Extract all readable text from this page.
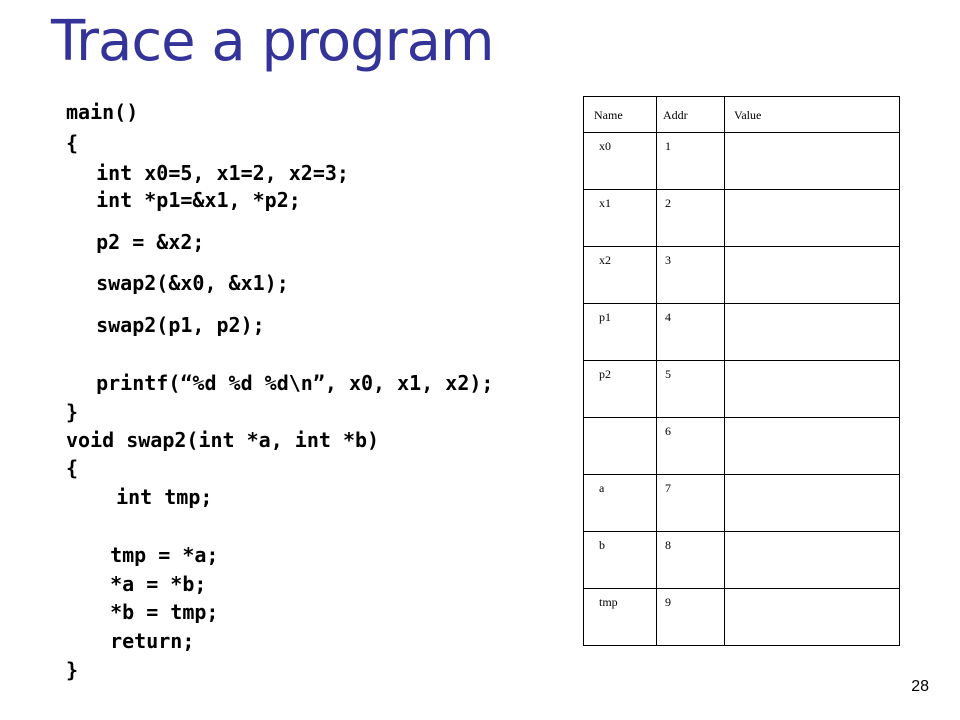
Trace a program
main()
{
int x0=5, x1=2, x2=3;
int *p1=&x1, *p2;
p2 = &x2;
swap2(&x0, &x1);
swap2(p1, p2);
printf(“%d %d %d\n”, x0, x1, x2);
}
void swap2(int *a, int *b)
{
int tmp;
tmp = *a;
*a = *b;
*b = tmp;
return;
}
Name	Addr	Value
x0	1	
x1	2	
x2	3	
p1	4	
p2	5	
	6	
a	7	
b	8	
tmp	9	
28
